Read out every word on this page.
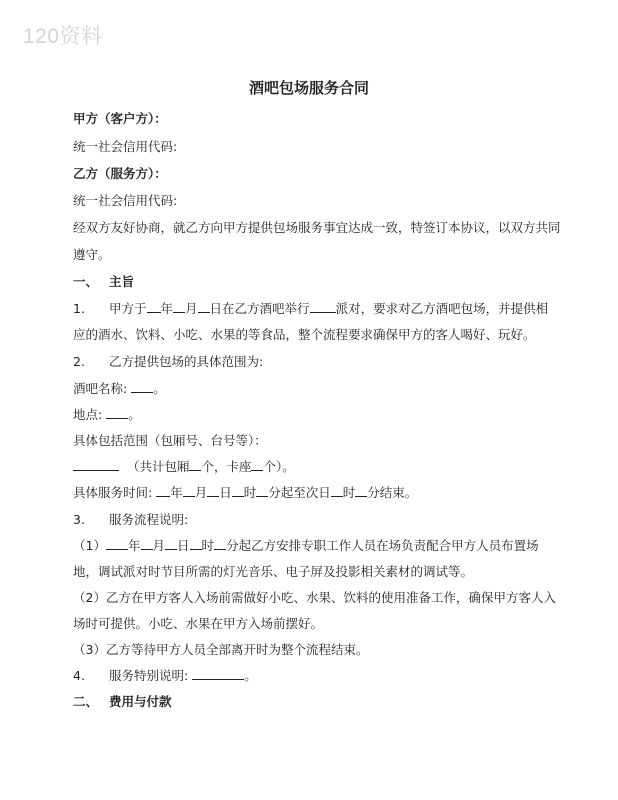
120资料
酒吧包场服务合同
甲方（客户方）：
统一社会信用代码:
乙方（服务方）：
统一社会信用代码:
经双方友好协商，就乙方向甲方提供包场服务事宜达成一致，特签订本协议，以双方共同
遵守。
一、 主旨
1. 甲方于 年 月 日在乙方酒吧举行 派对，要求对乙方酒吧包场，并提供相
应的酒水、饮料、小吃、水果的等食品，整个流程要求确保甲方的客人喝好、玩好。
2. 乙方提供包场的具体范围为:
酒吧名称: 。
地点: 。
具体包括范围（包厢号、台号等）：
（共计包厢 个，卡座 个）。
具体服务时间: 年 月 日 时 分起至次日 时 分结束。
3. 服务流程说明:
（1） 年 月 日 时 分起乙方安排专职工作人员在场负责配合甲方人员布置场
地，调试派对时节目所需的灯光音乐、电子屏及投影相关素材的调试等。
（2）乙方在甲方客人入场前需做好小吃、水果、饮料的使用准备工作，确保甲方客人入
场时可提供。小吃、水果在甲方入场前摆好。
（3）乙方等待甲方人员全部离开时为整个流程结束。
4. 服务特别说明:	。
二、 费用与付款
